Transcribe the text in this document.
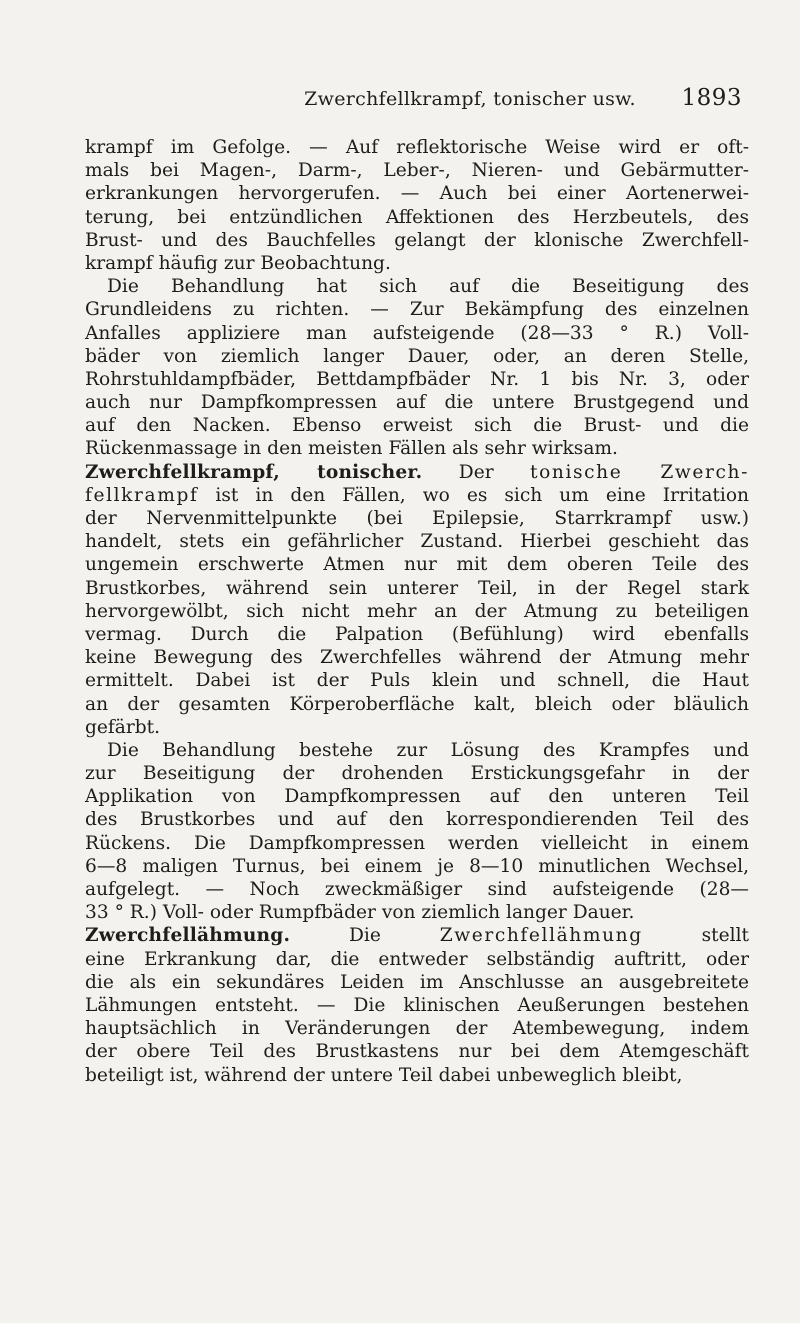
Zwerchfellkrampf, tonischer usw.	1893
krampf im Gefolge. — Auf reflektorische Weise wird er oft-
mals bei Magen-, Darm-, Leber-, Nieren- und Gebärmutter-
erkrankungen hervorgerufen. — Auch bei einer Aortenerwei-
terung, bei entzündlichen Affektionen des Herzbeutels, des
Brust- und des Bauchfelles gelangt der klonische Zwerchfell-
krampf häufig zur Beobachtung.
Die Behandlung hat sich auf die Beseitigung des
Grundleidens zu richten. — Zur Bekämpfung des einzelnen
Anfalles appliziere man aufsteigende (28—33 ° R.) Voll-
bäder von ziemlich langer Dauer, oder, an deren Stelle,
Rohrstuhldampfbäder, Bettdampfbäder Nr. 1 bis Nr. 3, oder
auch nur Dampfkompressen auf die untere Brustgegend und
auf den Nacken. Ebenso erweist sich die Brust- und die
Rückenmassage in den meisten Fällen als sehr wirksam.
Zwerchfellkrampf, tonischer. Der tonische Zwerch-
fellkrampf ist in den Fällen, wo es sich um eine Irritation
der Nervenmittelpunkte (bei Epilepsie, Starrkrampf usw.)
handelt, stets ein gefährlicher Zustand. Hierbei geschieht das
ungemein erschwerte Atmen nur mit dem oberen Teile des
Brustkorbes, während sein unterer Teil, in der Regel stark
hervorgewölbt, sich nicht mehr an der Atmung zu beteiligen
vermag. Durch die Palpation (Befühlung) wird ebenfalls
keine Bewegung des Zwerchfelles während der Atmung mehr
ermittelt. Dabei ist der Puls klein und schnell, die Haut
an der gesamten Körperoberfläche kalt, bleich oder bläulich
gefärbt.
Die Behandlung bestehe zur Lösung des Krampfes und
zur Beseitigung der drohenden Erstickungsgefahr in der
Applikation von Dampfkompressen auf den unteren Teil
des Brustkorbes und auf den korrespondierenden Teil des
Rückens. Die Dampfkompressen werden vielleicht in einem
6—8 maligen Turnus, bei einem je 8—10 minutlichen Wechsel,
aufgelegt. — Noch zweckmäßiger sind aufsteigende (28—
33 ° R.) Voll- oder Rumpfbäder von ziemlich langer Dauer.
Zwerchfellähmung. Die Zwerchfellähmung stellt
eine Erkrankung dar, die entweder selbständig auftritt, oder
die als ein sekundäres Leiden im Anschlusse an ausgebreitete
Lähmungen entsteht. — Die klinischen Aeußerungen bestehen
hauptsächlich in Veränderungen der Atembewegung, indem
der obere Teil des Brustkastens nur bei dem Atemgeschäft
beteiligt ist, während der untere Teil dabei unbeweglich bleibt,
